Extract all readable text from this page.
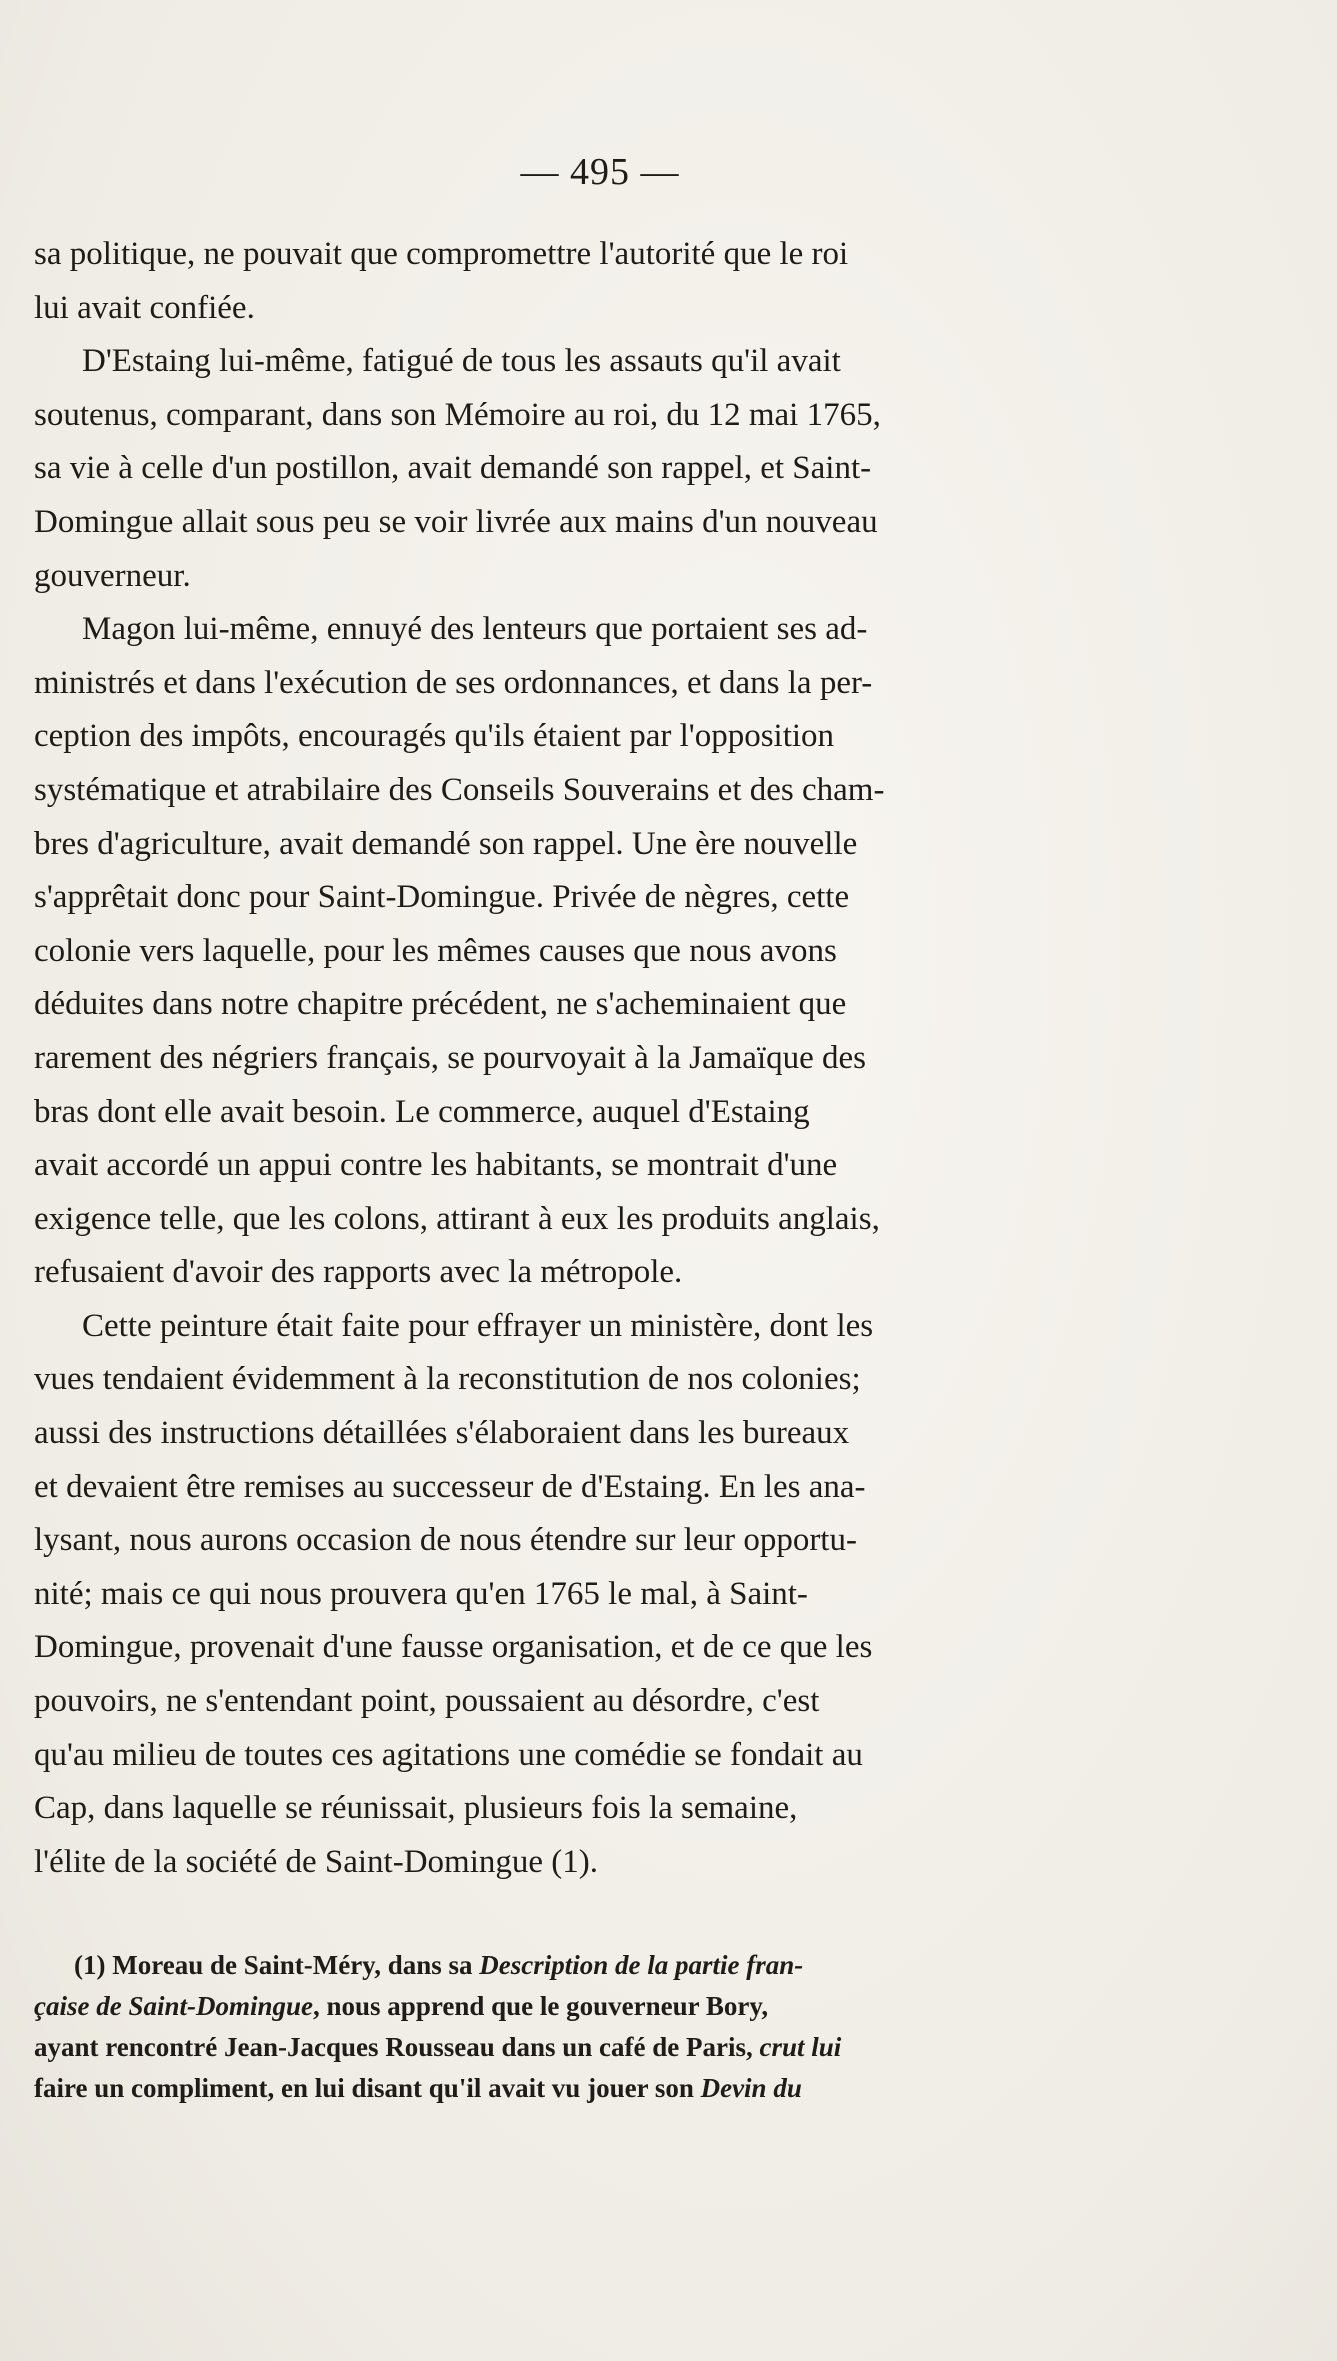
— 495 —

sa politique, ne pouvait que compromettre l'autorité que le roi
lui avait confiée.

D'Estaing lui-même, fatigué de tous les assauts qu'il avait
soutenus, comparant, dans son Mémoire au roi, du 12 mai 1765,
sa vie à celle d'un postillon, avait demandé son rappel, et Saint-
Domingue allait sous peu se voir livrée aux mains d'un nouveau
gouverneur.

Magon lui-même, ennuyé des lenteurs que portaient ses ad-
ministrés et dans l'exécution de ses ordonnances, et dans la per-
ception des impôts, encouragés qu'ils étaient par l'opposition
systématique et atrabilaire des Conseils Souverains et des cham-
bres d'agriculture, avait demandé son rappel. Une ère nouvelle
s'apprêtait donc pour Saint-Domingue. Privée de nègres, cette
colonie vers laquelle, pour les mêmes causes que nous avons
déduites dans notre chapitre précédent, ne s'acheminaient que
rarement des négriers français, se pourvoyait à la Jamaïque des
bras dont elle avait besoin. Le commerce, auquel d'Estaing
avait accordé un appui contre les habitants, se montrait d'une
exigence telle, que les colons, attirant à eux les produits anglais,
refusaient d'avoir des rapports avec la métropole.

Cette peinture était faite pour effrayer un ministère, dont les
vues tendaient évidemment à la reconstitution de nos colonies;
aussi des instructions détaillées s'élaboraient dans les bureaux
et devaient être remises au successeur de d'Estaing. En les ana-
lysant, nous aurons occasion de nous étendre sur leur opportu-
nité; mais ce qui nous prouvera qu'en 1765 le mal, à Saint-
Domingue, provenait d'une fausse organisation, et de ce que les
pouvoirs, ne s'entendant point, poussaient au désordre, c'est
qu'au milieu de toutes ces agitations une comédie se fondait au
Cap, dans laquelle se réunissait, plusieurs fois la semaine,
l'élite de la société de Saint-Domingue (1).

(1) Moreau de Saint-Méry, dans sa Description de la partie fran-
çaise de Saint-Domingue, nous apprend que le gouverneur Bory,
ayant rencontré Jean-Jacques Rousseau dans un café de Paris, crut lui
faire un compliment, en lui disant qu'il avait vu jouer son Devin du
